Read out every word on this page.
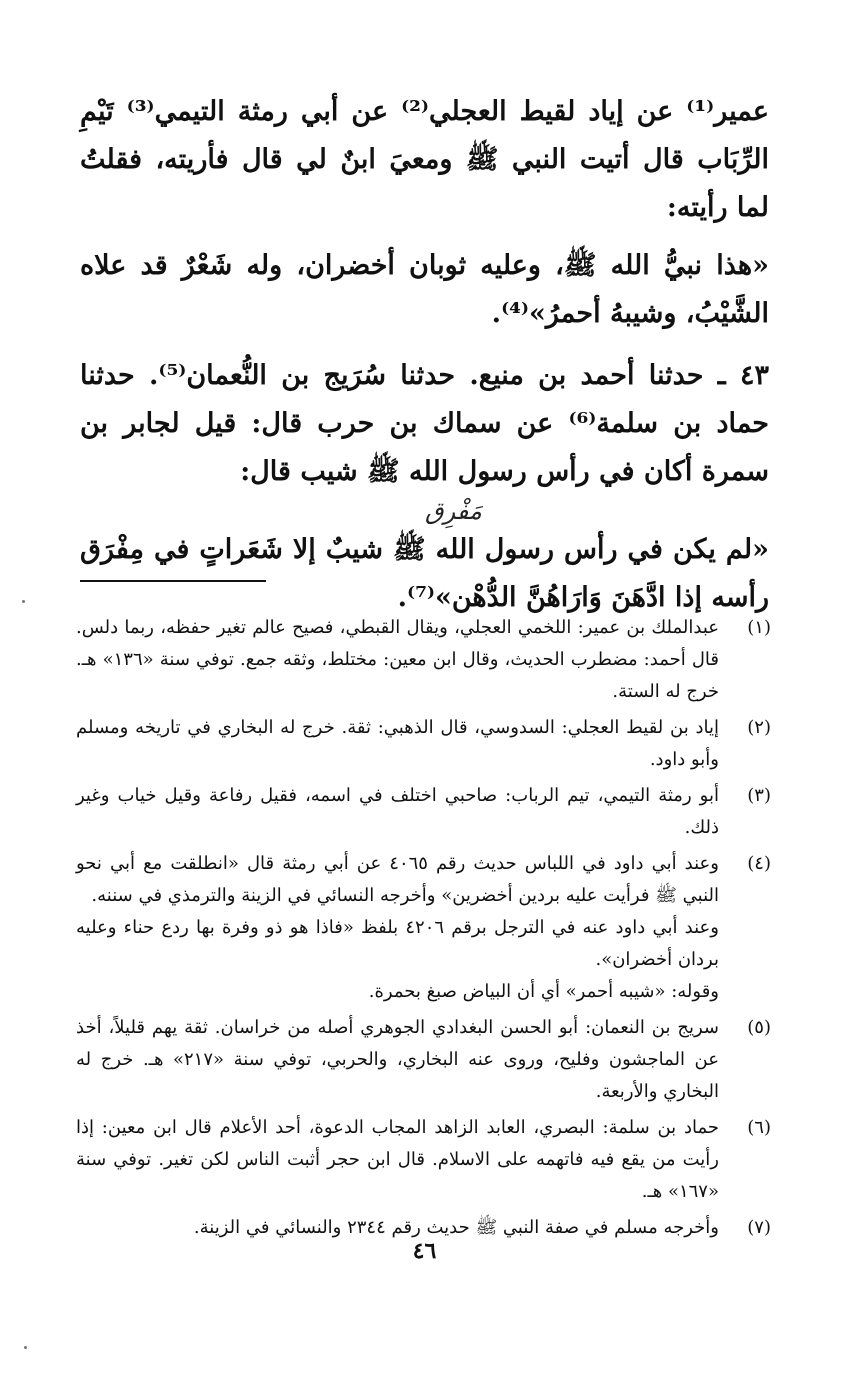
عمير⁽¹⁾ عن إياد لقيط العجلي⁽²⁾ عن أبي رمثة التيمي⁽³⁾ تَيْمِ الرِّبَاب قال أتيت النبي ﷺ ومعيَ ابنٌ لي قال فأريته، فقلتُ لما رأيته:

«هذا نبيُّ الله ﷺ، وعليه ثوبان أخضران، وله شَعْرٌ قد علاه الشَّيْبُ، وشيبهُ أحمرُ»⁽⁴⁾.

٤٣ ـ حدثنا أحمد بن منيع. حدثنا سُرَيج بن النُّعمان⁽⁵⁾. حدثنا حماد بن سلمة⁽⁶⁾ عن سماك بن حرب قال: قيل لجابر بن سمرة أكان في رأس رسول الله ﷺ شيب قال:

مَفْرِق

«لم يكن في رأس رسول الله ﷺ شيبٌ إلا شَعَراتٍ في مِفْرَق رأسه إذا ادَّهَنَ وَارَاهُنَّ الدُّهْن»⁽⁷⁾.

(١)

عبدالملك بن عمير: اللخمي العجلي، ويقال القبطي، فصيح عالم تغير حفظه، ربما دلس. قال أحمد: مضطرب الحديث، وقال ابن معين: مختلط، وثقه جمع. توفي سنة «١٣٦» هـ. خرج له الستة.

(٢)

إياد بن لقيط العجلي: السدوسي، قال الذهبي: ثقة. خرج له البخاري في تاريخه ومسلم وأبو داود.

(٣)

أبو رمثة التيمي، تيم الرباب: صاحبي اختلف في اسمه، فقيل رفاعة وقيل خياب وغير ذلك.

(٤)

وعند أبي داود في اللباس حديث رقم ٤٠٦٥ عن أبي رمثة قال «انطلقت مع أبي نحو النبي ﷺ فرأيت عليه بردين أخضرين» وأخرجه النسائي في الزينة والترمذي في سننه.

وعند أبي داود عنه في الترجل برقم ٤٢٠٦ بلفظ «فاذا هو ذو وفرة بها ردع حناء وعليه بردان أخضران».

وقوله: «شيبه أحمر» أي أن البياض صبغ بحمرة.

(٥)

سريج بن النعمان: أبو الحسن البغدادي الجوهري أصله من خراسان. ثقة يهم قليلاً، أخذ عن الماجشون وفليح، وروى عنه البخاري، والحربي، توفي سنة «٢١٧» هـ. خرج له البخاري والأربعة.

(٦)

حماد بن سلمة: البصري، العابد الزاهد المجاب الدعوة، أحد الأعلام قال ابن معين: إذا رأيت من يقع فيه فاتهمه على الاسلام. قال ابن حجر أثبت الناس لكن تغير. توفي سنة «١٦٧» هـ.

(٧)

وأخرجه مسلم في صفة النبي ﷺ حديث رقم ٢٣٤٤ والنسائي في الزينة.

٤٦
